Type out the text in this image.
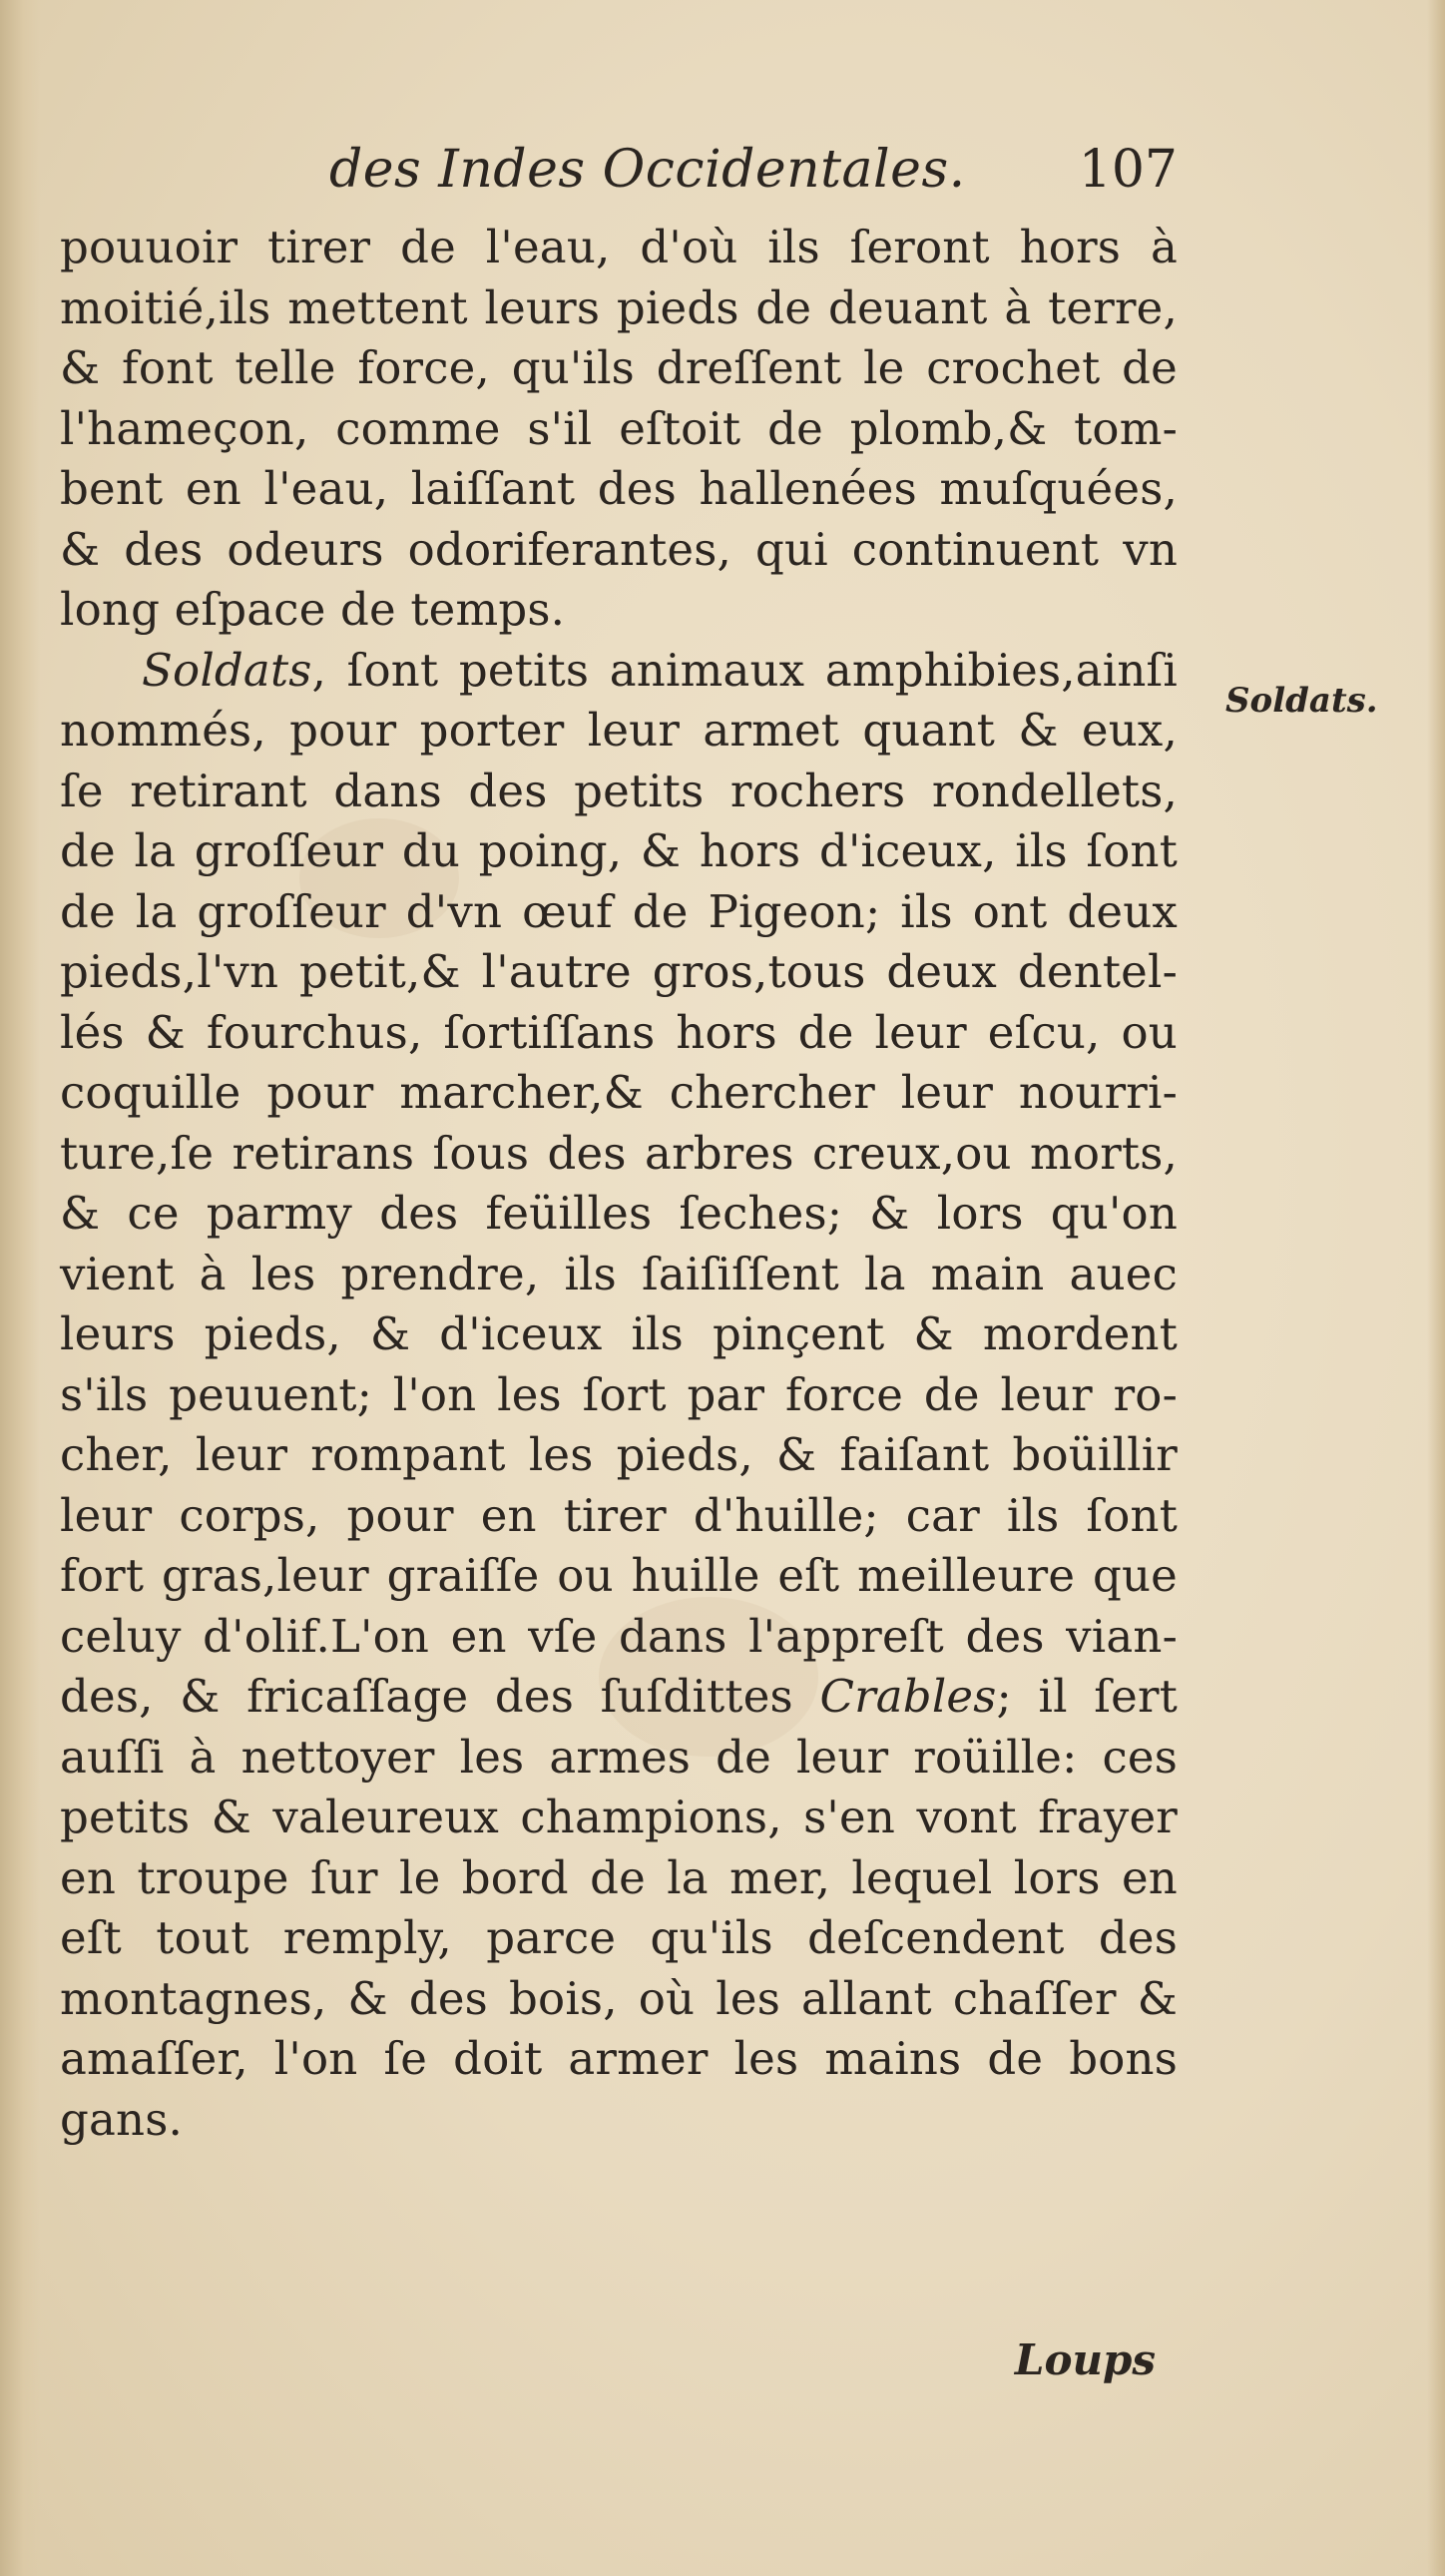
des Indes Occidentales. 107
Soldats.
pouuoir tirer de l'eau, d'où ils ſeront hors à
moitié,ils mettent leurs pieds de deuant à terre,
& font telle force, qu'ils dreſſent le crochet de
l'hameçon, comme s'il eſtoit de plomb,& tom-
bent en l'eau, laiſſant des hallenées muſquées,
& des odeurs odoriferantes, qui continuent vn
long eſpace de temps.
Soldats, ſont petits animaux amphibies,ainſi
nommés, pour porter leur armet quant & eux,
ſe retirant dans des petits rochers rondellets,
de la groſſeur du poing, & hors d'iceux, ils ſont
de la groſſeur d'vn œuf de Pigeon; ils ont deux
pieds,l'vn petit,& l'autre gros,tous deux dentel-
lés & fourchus, ſortiſſans hors de leur eſcu, ou
coquille pour marcher,& chercher leur nourri-
ture,ſe retirans ſous des arbres creux,ou morts,
& ce parmy des feüilles ſeches; & lors qu'on
vient à les prendre, ils ſaiſiſſent la main auec
leurs pieds, & d'iceux ils pinçent & mordent
s'ils peuuent; l'on les ſort par force de leur ro-
cher, leur rompant les pieds, & faiſant boüillir
leur corps, pour en tirer d'huille; car ils ſont
fort gras,leur graiſſe ou huille eſt meilleure que
celuy d'olif.L'on en vſe dans l'appreſt des vian-
des, & fricaſſage des ſuſdittes Crables; il ſert
auſſi à nettoyer les armes de leur roüille: ces
petits & valeureux champions, s'en vont frayer
en troupe ſur le bord de la mer, lequel lors en
eſt tout remply, parce qu'ils deſcendent des
montagnes, & des bois, où les allant chaſſer &
amaſſer, l'on ſe doit armer les mains de bons
gans.
Loups
